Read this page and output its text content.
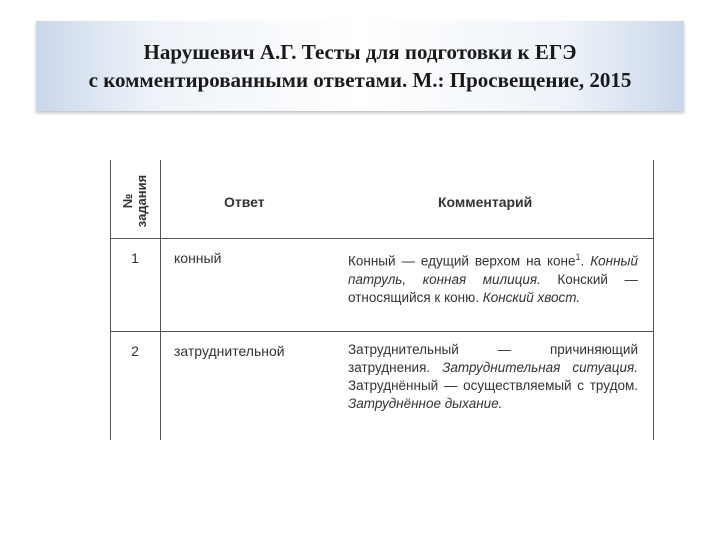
Нарушевич А.Г. Тесты для подготовки к ЕГЭ
с комментированными ответами. М.: Просвещение, 2015
№ задания	Ответ	Комментарий
1	конный	Конный — едущий верхом на коне$^1$. Конный патруль, конная милиция. Конский — относящийся к коню. Конский хвост.
2	затруднительной	Затруднительный — причиняющий затруднения. Затруднительная ситуация. Затруднённый — осуществляемый с трудом. Затруднённое дыхание.
